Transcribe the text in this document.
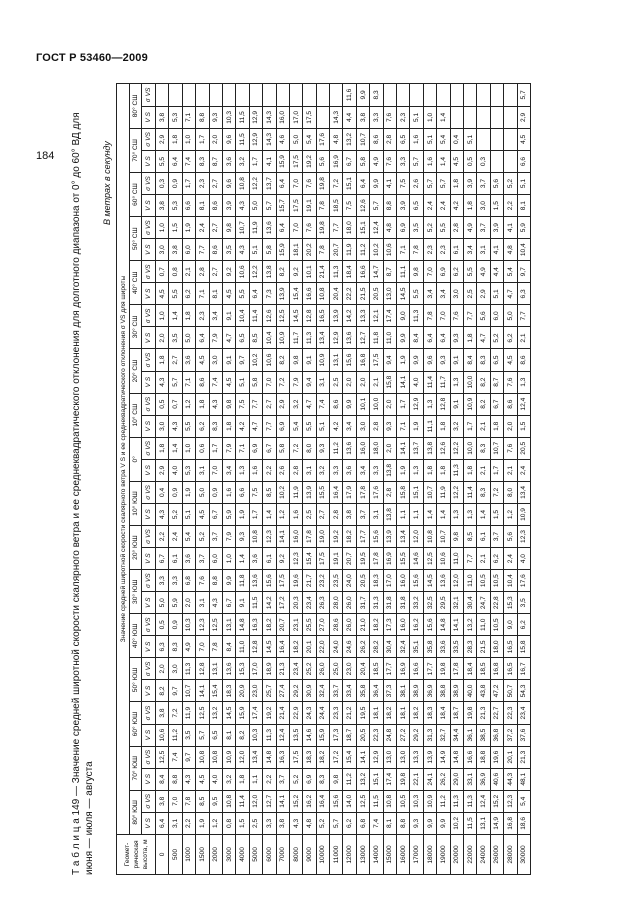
ГОСТ Р 53460—2009
Т а б л и ц а 149 — Значение средней широтной скорости скалярного ветра и ее среднеквадратического отклонения для долготного диапазона от 0° до 60° ВД для июня — июля — августа
В метрах в секунду
Геомет-рическая высота, м	Значение средней широтной скорости скалярного ветра V S и ее среднеквадратического отклонения σ VS для широты																																	
	80° ЮШ		70° ЮШ		60° ЮШ		50° ЮШ		40° ЮШ		30° ЮШ		20° ЮШ		10° ЮШ		0°		10° СШ		20° СШ		30° СШ		40° СШ		50° СШ		60° СШ		70° СШ		80° СШ	
	V S	σ VS	V S	σ VS	V S	σ VS	V S	σ VS	V S	σ VS	V S	σ VS	V S	σ VS	V S	σ VS	V S	σ VS	V S	σ VS	V S	σ VS	V S	σ VS	V S	σ VS	V S	σ VS	V S	σ VS	V S	σ VS	V S	σ VS
0	6,4	3,8	8,4	12,5	10,6	3,8	8,2	2,0	6,3	0,5	5,0	3,3	6,7	2,2	4,3	0,4	2,9	1,8	3,0	0,5	4,3	1,8	2,0	1,0	4,5	0,7	3,0	1,0	3,8	0,3	5,5	2,9	3,8	
500	3,1	7,0	8,8	7,4	11,2	7,2	9,7	3,0	8,3	0,9	5,9	3,3	6,1	2,4	5,2	0,9	4,0	1,4	4,3	0,7	5,7	2,7	3,5	1,4	5,5	0,8	3,8	1,5	5,3	0,9	6,4	1,8	5,3	
1000	2,2	7,8	4,3	9,7	3,5	11,9	10,7	11,3	4,9	10,3	2,0	6,8	3,6	5,4	5,1	1,9	5,3	1,0	5,5	1,2	7,1	3,6	5,0	1,8	6,2	2,1	6,0	1,9	6,6	1,7	7,4	1,0	7,1	
1500	1,9	8,5	4,5	10,8	5,7	12,5	14,1	12,8	7,0	12,3	3,1	7,6	3,7	5,2	4,5	5,0	3,1	0,6	6,2	1,8	8,6	4,5	6,4	2,3	7,1	2,8	7,7	2,4	8,1	2,3	8,3	1,7	8,8	
2000	1,2	9,5	4,0	10,8	6,5	13,2	15,4	13,1	7,8	12,5	4,3	8,8	6,0	3,7	6,7	0,9	7,0	1,7	8,3	4,3	7,4	3,0	7,9	3,4	8,1	2,7	8,6	2,7	8,6	2,7	8,7	2,0	9,3	
3000	0,8	10,8	3,2	10,9	8,1	14,5	18,3	13,6	8,4	13,1	6,7	9,9	1,0	7,9	5,9	1,6	3,4	7,9	1,8	9,8	4,5	9,1	4,7	9,1	4,5	9,2	3,5	9,8	3,9	9,6	3,6	9,6	10,3	
4000	1,5	11,4	1,8	12,0	8,2	15,9	20,9	15,3	11,0	14,8	9,1	11,8	1,4	9,3	1,9	6,6	1,3	7,1	4,2	7,5	5,1	9,7	6,5	10,4	5,5	10,6	4,3	10,7	4,3	10,8	3,2	11,5	11,5	
5000	2,5	12,0	1,1	13,4	10,3	17,4	23,0	17,0	12,8	16,3	11,5	13,6	3,6	10,8	1,7	7,5	1,6	6,9	4,7	7,7	5,8	10,2	8,5	11,4	6,4	12,2	5,1	11,9	5,0	12,2	1,7	12,9	12,9	
6000	3,3	12,7	2,2	14,8	11,3	19,2	25,7	18,9	14,5	18,2	14,2	15,6	6,1	12,3	1,4	8,5	2,2	6,7	7,7	2,7	7,0	10,6	10,4	12,6	7,3	13,8	5,8	13,6	5,7	13,7	4,1	14,3	14,3	
7000	3,8	14,1	3,7	16,3	12,4	21,4	27,4	21,3	16,4	20,7	17,2	17,5	9,2	14,1	1,2	10,2	2,6	5,8	6,9	2,9	7,2	8,2	10,9	12,5	13,9	8,2	15,9	6,4	15,7	6,4	15,9	4,6	16,0	
8000	4,3	15,2	5,2	17,5	13,5	22,9	29,2	23,4	18,2	23,1	20,3	19,6	12,3	16,0	1,6	11,9	2,8	7,2	5,4	3,2	7,9	9,8	11,7	14,5	15,4	9,2	18,1	7,0	17,5	7,0	17,5	5,0	17,0	
9000	4,8	16,2	6,9	18,3	14,6	24,3	30,9	25,2	20,1	25,5	23,4	21,7	15,4	17,8	2,5	13,9	3,1	8,0	5,5	4,7	9,4	9,1	11,3	12,8	16,6	10,1	20,2	7,6	19,1	7,6	19,2	5,4	17,5	
10000	5,2	16,4	8,3	18,2	15,9	24,4	32,4	26,0	22,0	27,0	26,3	23,2	17,5	19,0	2,7	15,5	3,2	9,3	5,1	7,4	3,1	10,9	13,4	16,5	10,8	21,4	7,8	19,8	7,8	19,8	5,6	17,6		
11000	5,7	15,6	9,8	17,2	17,3	23,3	33,7	25,0	24,0	28,6	28,0	23,5	19,1	19,2	2,8	16,4	3,3	11,2	4,2	8,6	2,5	13,1	12,9	13,9	20,4	11,3	20,7	7,7	18,5	7,2	16,9	4,8	14,3	
12000	6,2	14,0	11,2	15,4	18,7	21,2	33,4	23,0	24,6	26,0	26,0	24,0	20,7	18,2	3,8	17,9	3,6	13,6	3,4	9,9	2,0	15,6	13,6	14,2	22,2	18,4	11,9	18,0	7,5	15,1	6,7	13,2	4,4	11,6
13000	6,8	12,5	13,2	14,1	20,5	19,5	35,8	20,4	26,2	21,0	31,7	20,5	19,5	17,7	3,7	17,8	3,4	16,0	3,0	10,1	2,0	16,8	12,7	13,3	21,5	16,6	11,2	15,1	12,6	6,4	5,8	10,7	3,8	9,9
14000	7,4	11,5	15,1	12,9	22,3	18,1	36,4	18,5	28,2	18,2	31,3	18,3	17,8	15,6	3,1	17,6	3,3	18,0	2,8	10,0	2,1	17,5	11,8	12,1	20,5	14,7	10,2	12,4	5,7	9,9	4,9	8,6	3,3	8,3
15000	8,1	10,8	17,4	13,0	24,8	18,2	37,3	17,7	30,4	17,3	31,8	17,0	16,9	13,9	13,8	2,8	13,8	2,0	9,3	2,0	15,8	9,4	11,0	17,4	13,0	8,7	10,6	4,8	8,8	4,1	7,6	2,8	7,6	
16000	8,8	10,5	19,8	13,0	27,2	18,1	38,1	16,9	32,4	16,0	31,8	16,0	15,5	13,4	1,1	15,8	1,9	14,1	7,1	1,7	14,1	1,9	9,9	9,0	14,5	11,1	7,1	6,9	3,9	7,5	3,3	6,5	2,3	
17000	9,3	10,3	22,1	13,3	29,2	18,2	38,9	16,6	35,1	16,2	33,2	15,6	14,6	12,0	1,1	15,1	1,3	13,7	1,9	12,9	4,0	9,9	8,4	11,3	5,5	9,8	7,8	3,5	6,5	2,6	5,7	1,6	5,1	
18000	9,9	10,9	24,1	13,9	31,3	18,3	36,9	17,7	35,8	15,6	32,5	14,5	12,5	10,8	1,4	10,7	1,8	13,8	11,1	1,3	11,4	9,6	6,4	7,8	3,4	7,0	2,3	5,2	2,4	5,7	1,6	5,1	1,0	
19000	9,9	11,2	26,2	14,9	32,7	18,4	38,8	19,8	33,6	14,8	29,5	13,6	10,6	10,7	1,4	11,9	1,8	12,6	1,8	12,8	11,7	9,3	6,4	7,0	3,4	6,9	2,3	5,5	2,4	5,7	1,4	5,4	1,4	
20000	10,2	11,3	29,0	14,8	34,4	18,7	38,9	17,8	33,5	14,1	32,1	12,0	11,0	9,8	1,3	12,2	11,3	12,2	3,2	9,1	1,3	9,1	9,3	7,6	3,0	6,2	6,1	2,8	4,2	1,8	4,5	0,4		
22000	11,5	11,3	33,1	16,6	36,1	19,8	40,0	18,4	28,3	13,2	30,4	11,0	7,7	8,5	1,3	11,4	1,8	10,0	1,7	10,9	10,0	8,4	1,8	7,7	2,5	5,5	3,4	4,9	1,8	3,9	0,5	5,1		
24000	13,1	12,4	36,9	18,8	38,5	21,3	43,8	18,5	21,5	11,0	24,7	10,5	2,1	6,1	1,4	8,3	2,1	8,3	2,1	8,2	8,2	8,3	4,7	5,6	2,9	4,9	3,1	3,7	3,0	3,7	0,3			
26000	14,9	15,2	40,6	19,6	36,8	22,7	47,2	16,8	18,0	10,5	22,8	10,5	6,2	3,7	1,5	7,2	1,7	10,7	1,8	6,7	8,7	6,5	5,2	6,0	5,1	4,4	4,1	3,9	1,5	5,6				
28000	16,8	12,3	44,3	20,1	37,2	22,3	50,7	16,5	16,5	9,0	15,3	10,4	2,4	5,6	1,2	8,0	2,1	7,6	2,0	8,6	7,6	4,5	6,2	5,0	4,7	5,4	4,8	4,1	2,2	5,2				
30000	18,6	5,4	48,1	21,3	37,6	23,4	54,3	16,7	15,8	6,2	3,5	17,6	4,0	12,3	10,9	13,4	2,4	20,5	1,5	12,4	1,3	8,6	2,1	7,7	6,3	9,7	10,4	5,9	8,1	5,1	6,6	4,5	2,9	5,7
184
